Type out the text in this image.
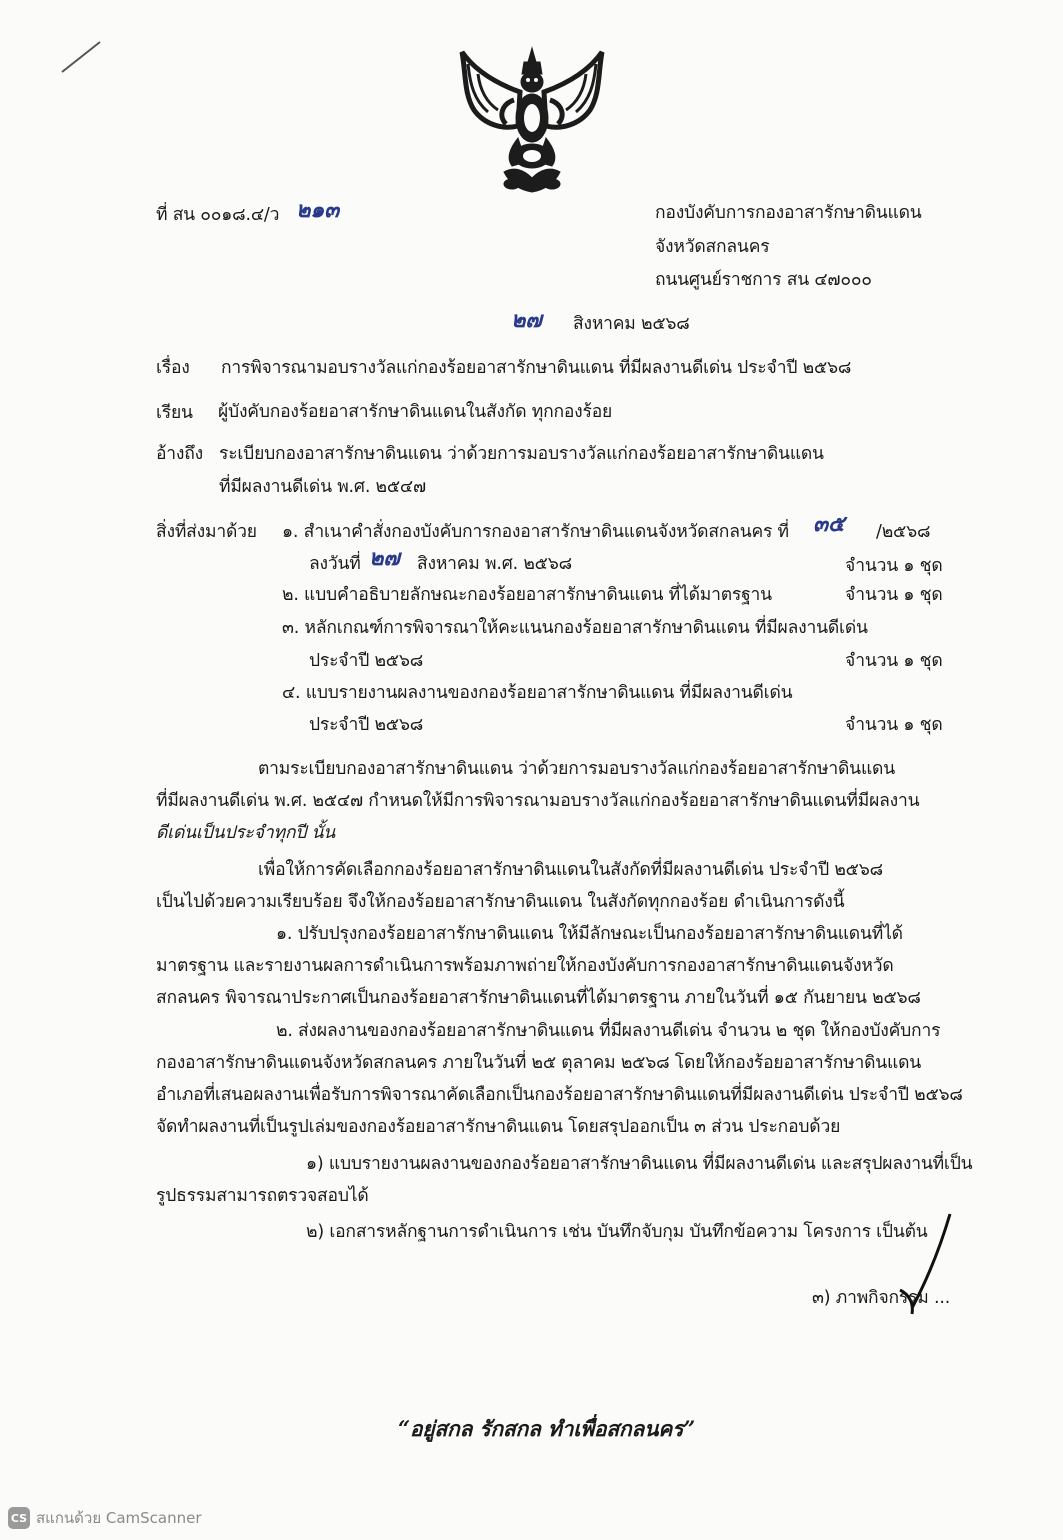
ที่ สน ๐๐๑๘.๔/ว ๒๑๓	กองบังคับการกองอาสารักษาดินแดน
จังหวัดสกลนคร
ถนนศูนย์ราชการ สน ๔๗๐๐๐
๒๗ สิงหาคม ๒๕๖๘
เรื่อง การพิจารณามอบรางวัลแก่กองร้อยอาสารักษาดินแดน ที่มีผลงานดีเด่น ประจำปี ๒๕๖๘
เรียน ผู้บังคับกองร้อยอาสารักษาดินแดนในสังกัด ทุกกองร้อย
อ้างถึง ระเบียบกองอาสารักษาดินแดน ว่าด้วยการมอบรางวัลแก่กองร้อยอาสารักษาดินแดน
ที่มีผลงานดีเด่น พ.ศ. ๒๕๔๗
สิ่งที่ส่งมาด้วย ๑. สำเนาคำสั่งกองบังคับการกองอาสารักษาดินแดนจังหวัดสกลนคร ที่ ๓๕ /๒๕๖๘
ลงวันที่ ๒๗ สิงหาคม พ.ศ. ๒๕๖๘	จำนวน ๑ ชุด
๒. แบบคำอธิบายลักษณะกองร้อยอาสารักษาดินแดน ที่ได้มาตรฐาน	จำนวน ๑ ชุด
๓. หลักเกณฑ์การพิจารณาให้คะแนนกองร้อยอาสารักษาดินแดน ที่มีผลงานดีเด่น
ประจำปี ๒๕๖๘	จำนวน ๑ ชุด
๔. แบบรายงานผลงานของกองร้อยอาสารักษาดินแดน ที่มีผลงานดีเด่น
ประจำปี ๒๕๖๘	จำนวน ๑ ชุด
ตามระเบียบกองอาสารักษาดินแดน ว่าด้วยการมอบรางวัลแก่กองร้อยอาสารักษาดินแดน
ที่มีผลงานดีเด่น พ.ศ. ๒๕๔๗ กำหนดให้มีการพิจารณามอบรางวัลแก่กองร้อยอาสารักษาดินแดนที่มีผลงาน
ดีเด่นเป็นประจำทุกปี นั้น
เพื่อให้การคัดเลือกกองร้อยอาสารักษาดินแดนในสังกัดที่มีผลงานดีเด่น ประจำปี ๒๕๖๘
เป็นไปด้วยความเรียบร้อย จึงให้กองร้อยอาสารักษาดินแดน ในสังกัดทุกกองร้อย ดำเนินการดังนี้
๑. ปรับปรุงกองร้อยอาสารักษาดินแดน ให้มีลักษณะเป็นกองร้อยอาสารักษาดินแดนที่ได้
มาตรฐาน และรายงานผลการดำเนินการพร้อมภาพถ่ายให้กองบังคับการกองอาสารักษาดินแดนจังหวัด
สกลนคร พิจารณาประกาศเป็นกองร้อยอาสารักษาดินแดนที่ได้มาตรฐาน ภายในวันที่ ๑๕ กันยายน ๒๕๖๘
๒. ส่งผลงานของกองร้อยอาสารักษาดินแดน ที่มีผลงานดีเด่น จำนวน ๒ ชุด ให้กองบังคับการ
กองอาสารักษาดินแดนจังหวัดสกลนคร ภายในวันที่ ๒๕ ตุลาคม ๒๕๖๘ โดยให้กองร้อยอาสารักษาดินแดน
อำเภอที่เสนอผลงานเพื่อรับการพิจารณาคัดเลือกเป็นกองร้อยอาสารักษาดินแดนที่มีผลงานดีเด่น ประจำปี ๒๕๖๘
จัดทำผลงานที่เป็นรูปเล่มของกองร้อยอาสารักษาดินแดน โดยสรุปออกเป็น ๓ ส่วน ประกอบด้วย
๑) แบบรายงานผลงานของกองร้อยอาสารักษาดินแดน ที่มีผลงานดีเด่น และสรุปผลงานที่เป็น
รูปธรรมสามารถตรวจสอบได้
๒) เอกสารหลักฐานการดำเนินการ เช่น บันทึกจับกุม บันทึกข้อความ โครงการ เป็นต้น
๓) ภาพกิจกรรม ...
“อยู่สกล รักสกล ทำเพื่อสกลนคร”
CS สแกนด้วย CamScanner
